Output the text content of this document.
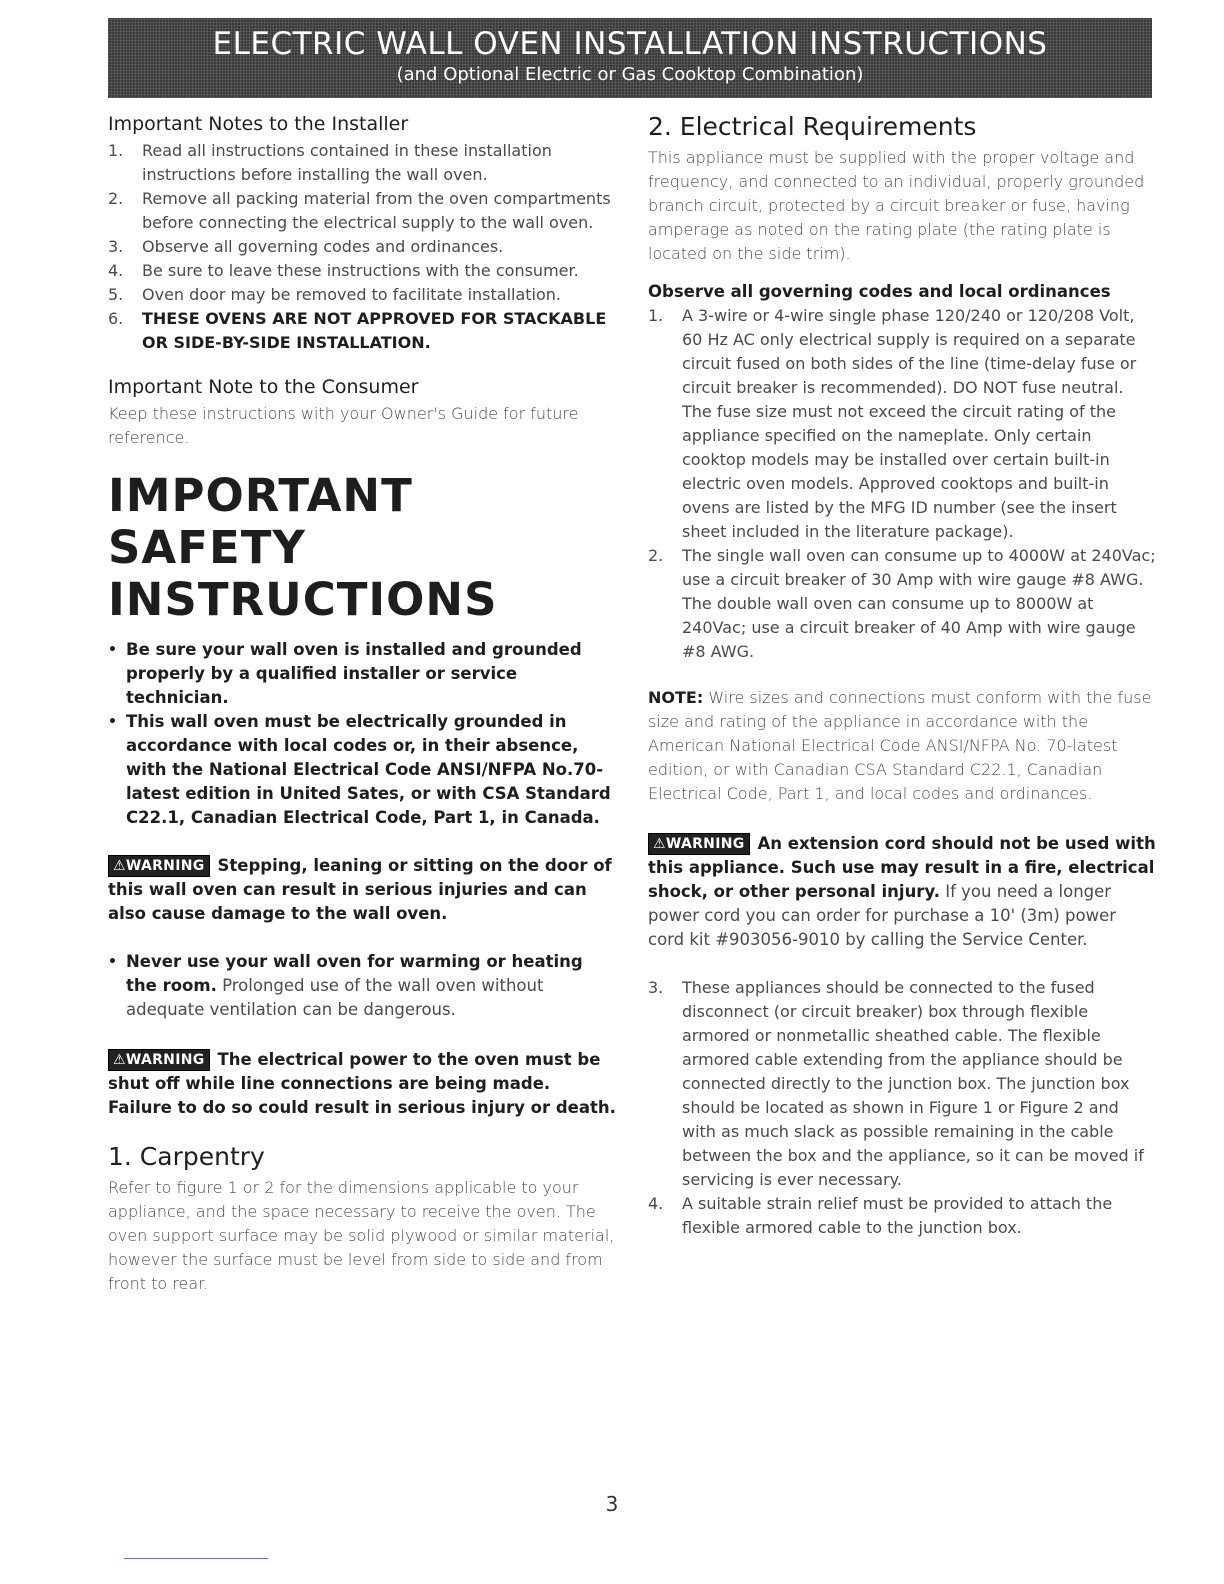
ELECTRIC WALL OVEN INSTALLATION INSTRUCTIONS
(and Optional Electric or Gas Cooktop Combination)
Important Notes to the Installer
1. Read all instructions contained in these installation instructions before installing the wall oven.
2. Remove all packing material from the oven compartments before connecting the electrical supply to the wall oven.
3. Observe all governing codes and ordinances.
4. Be sure to leave these instructions with the consumer.
5. Oven door may be removed to facilitate installation.
6. THESE OVENS ARE NOT APPROVED FOR STACKABLE OR SIDE-BY-SIDE INSTALLATION.
Important Note to the Consumer

Keep these instructions with your Owner's Guide for future reference.

IMPORTANT SAFETY
INSTRUCTIONS
• Be sure your wall oven is installed and grounded properly by a qualified installer or service technician.
• This wall oven must be electrically grounded in accordance with local codes or, in their absence, with the National Electrical Code ANSI/NFPA No.70- latest edition in United Sates, or with CSA Standard C22.1, Canadian Electrical Code, Part 1, in Canada.

⚠WARNING Stepping, leaning or sitting on the door of this wall oven can result in serious injuries and can also cause damage to the wall oven.

• Never use your wall oven for warming or heating the room. Prolonged use of the wall oven without adequate ventilation can be dangerous.

⚠WARNING The electrical power to the oven must be shut off while line connections are being made. Failure to do so could result in serious injury or death.

1. Carpentry

Refer to figure 1 or 2 for the dimensions applicable to your appliance, and the space necessary to receive the oven. The oven support surface may be solid plywood or similar material, however the surface must be level from side to side and from front to rear.

2. Electrical Requirements

This appliance must be supplied with the proper voltage and frequency, and connected to an individual, properly grounded branch circuit, protected by a circuit breaker or fuse, having amperage as noted on the rating plate (the rating plate is located on the side trim).

Observe all governing codes and local ordinances
1. A 3-wire or 4-wire single phase 120/240 or 120/208 Volt, 60 Hz AC only electrical supply is required on a separate circuit fused on both sides of the line (time-delay fuse or circuit breaker is recommended). DO NOT fuse neutral. The fuse size must not exceed the circuit rating of the appliance specified on the nameplate. Only certain cooktop models may be installed over certain built-in electric oven models. Approved cooktops and built-in ovens are listed by the MFG ID number (see the insert sheet included in the literature package).
2. The single wall oven can consume up to 4000W at 240Vac; use a circuit breaker of 30 Amp with wire gauge #8 AWG. The double wall oven can consume up to 8000W at 240Vac; use a circuit breaker of 40 Amp with wire gauge #8 AWG.

NOTE: Wire sizes and connections must conform with the fuse size and rating of the appliance in accordance with the American National Electrical Code ANSI/NFPA No. 70-latest edition, or with Canadian CSA Standard C22.1, Canadian Electrical Code, Part 1, and local codes and ordinances.

⚠WARNING An extension cord should not be used with this appliance. Such use may result in a fire, electrical shock, or other personal injury. If you need a longer power cord you can order for purchase a 10' (3m) power cord kit #903056-9010 by calling the Service Center.

3. These appliances should be connected to the fused disconnect (or circuit breaker) box through flexible armored or nonmetallic sheathed cable. The flexible armored cable extending from the appliance should be connected directly to the junction box. The junction box should be located as shown in Figure 1 or Figure 2 and with as much slack as possible remaining in the cable between the box and the appliance, so it can be moved if servicing is ever necessary.
4. A suitable strain relief must be provided to attach the flexible armored cable to the junction box.
3
